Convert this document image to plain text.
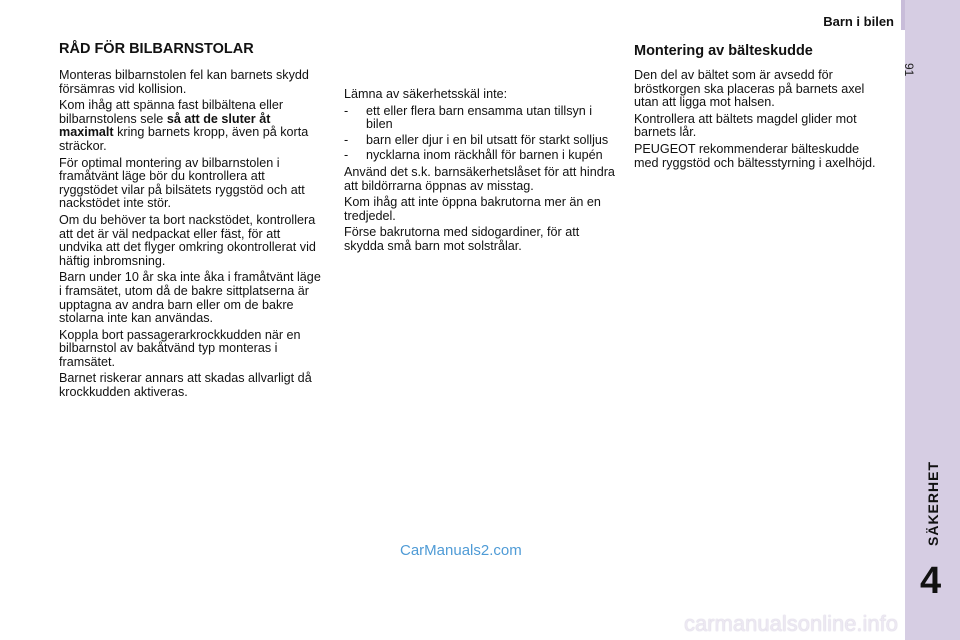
Barn i bilen
91
SÄKERHET
4
RÅD FÖR BILBARNSTOLAR

Monteras bilbarnstolen fel kan barnets skydd försämras vid kollision.

Kom ihåg att spänna fast bilbältena eller bilbarnstolens sele så att de sluter åt maximalt kring barnets kropp, även på korta sträckor.

För optimal montering av bilbarnstolen i framåtvänt läge bör du kontrollera att ryggstödet vilar på bilsätets ryggstöd och att nackstödet inte stör.

Om du behöver ta bort nackstödet, kontrollera att det är väl nedpackat eller fäst, för att undvika att det flyger omkring okontrollerat vid häftig inbromsning.

Barn under 10 år ska inte åka i framåtvänt läge i framsätet, utom då de bakre sittplatserna är upptagna av andra barn eller om de bakre stolarna inte kan användas.

Koppla bort passagerarkrockkudden när en bilbarnstol av bakåtvänd typ monteras i framsätet.

Barnet riskerar annars att skadas allvarligt då krockkudden aktiveras.

Lämna av säkerhetsskäl inte:

- ett eller flera barn ensamma utan tillsyn i bilen
- barn eller djur i en bil utsatt för starkt solljus
- nycklarna inom räckhåll för barnen i kupén

Använd det s.k. barnsäkerhetslåset för att hindra att bildörrarna öppnas av misstag.

Kom ihåg att inte öppna bakrutorna mer än en tredjedel.

Förse bakrutorna med sidogardiner, för att skydda små barn mot solstrålar.

Montering av bälteskudde

Den del av bältet som är avsedd för bröstkorgen ska placeras på barnets axel utan att ligga mot halsen.

Kontrollera att bältets magdel glider mot barnets lår.

PEUGEOT rekommenderar bälteskudde med ryggstöd och bältesstyrning i axelhöjd.

CarManuals2.com
carmanualsonline.info
